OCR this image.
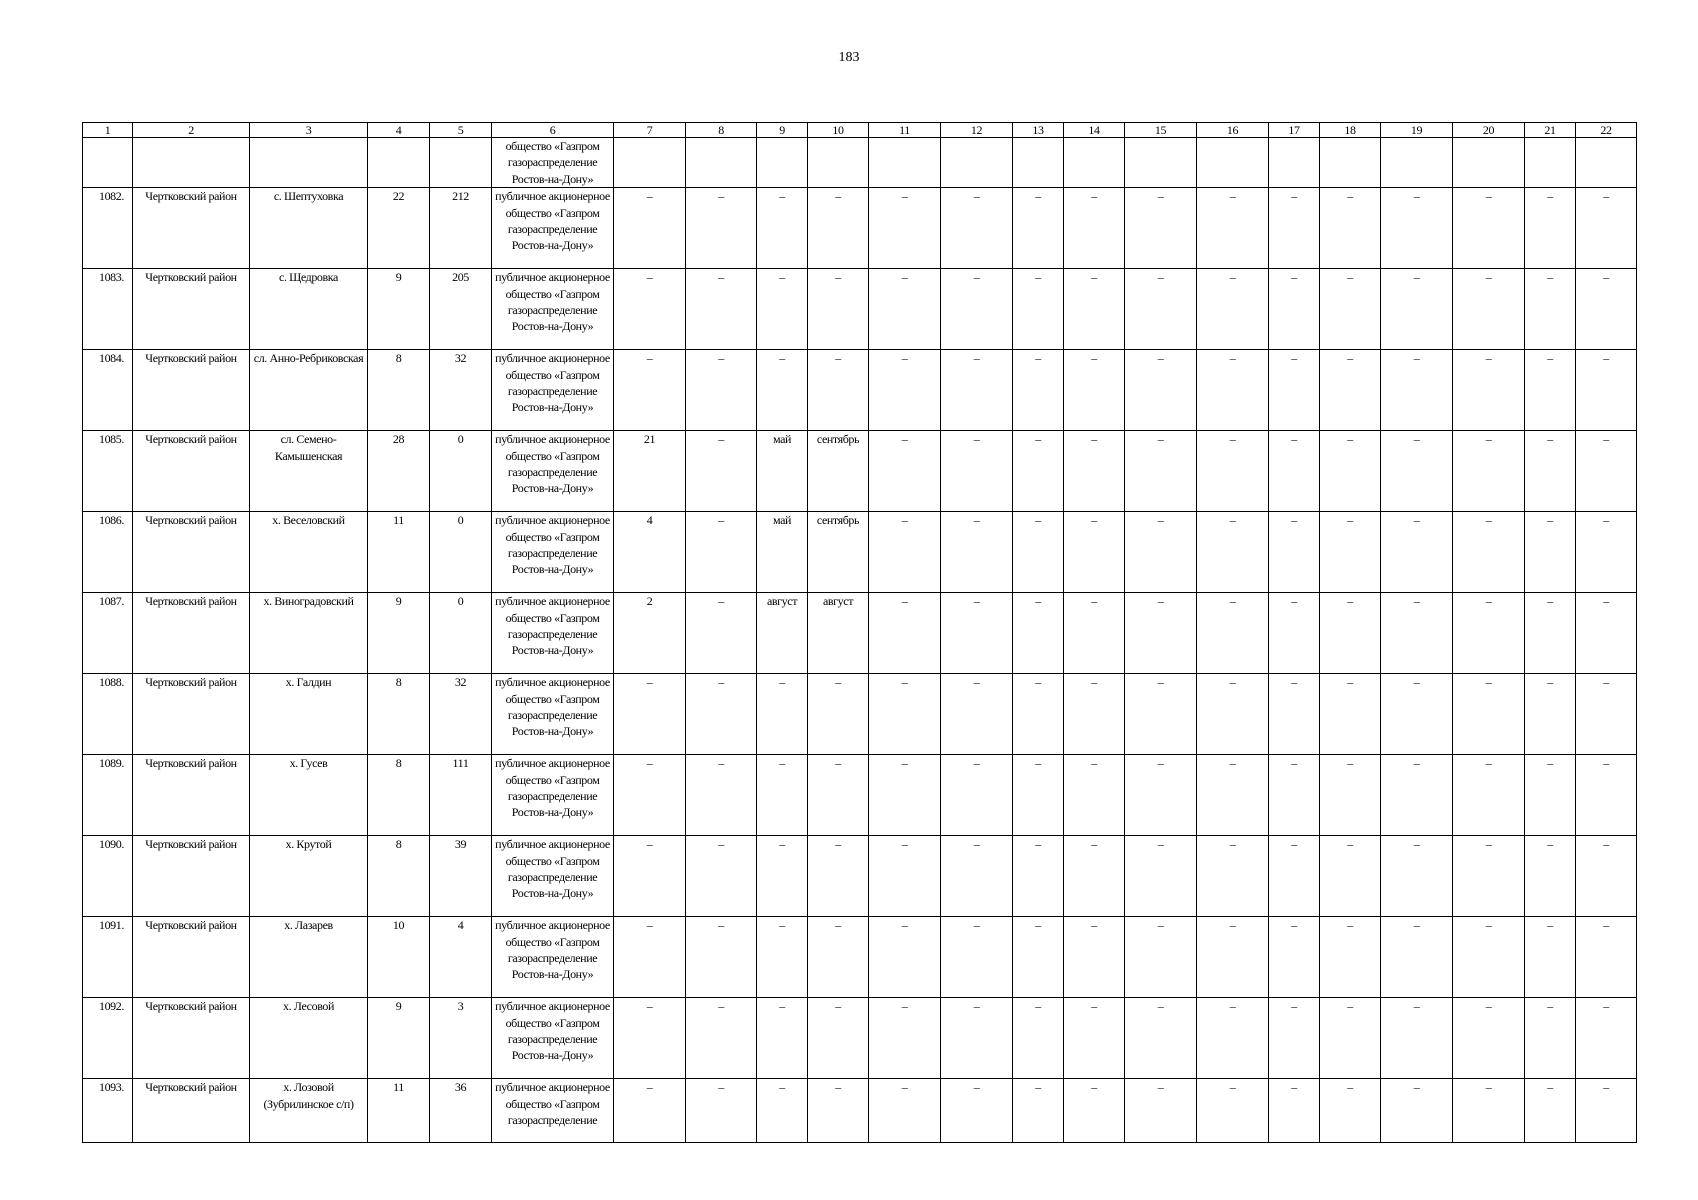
183
1	2	3	4	5	6	7	8	9	10	11	12	13	14	15	16	17	18	19	20	21	22
					общество «Газпром газораспределение Ростов-на-Дону»																
1082.	Чертковский район	с. Шептуховка	22	212	публичное акционерное общество «Газпром газораспределение Ростов-на-Дону»	–	–	–	–	–	–	–	–	–	–	–	–	–	–	–	–
1083.	Чертковский район	с. Щедровка	9	205	публичное акционерное общество «Газпром газораспределение Ростов-на-Дону»	–	–	–	–	–	–	–	–	–	–	–	–	–	–	–	–
1084.	Чертковский район	сл. Анно-Ребриковская	8	32	публичное акционерное общество «Газпром газораспределение Ростов-на-Дону»	–	–	–	–	–	–	–	–	–	–	–	–	–	–	–	–
1085.	Чертковский район	сл. Семено-Камышенская	28	0	публичное акционерное общество «Газпром газораспределение Ростов-на-Дону»	21	–	май	сентябрь	–	–	–	–	–	–	–	–	–	–	–	–
1086.	Чертковский район	х. Веселовский	11	0	публичное акционерное общество «Газпром газораспределение Ростов-на-Дону»	4	–	май	сентябрь	–	–	–	–	–	–	–	–	–	–	–	–
1087.	Чертковский район	х. Виноградовский	9	0	публичное акционерное общество «Газпром газораспределение Ростов-на-Дону»	2	–	август	август	–	–	–	–	–	–	–	–	–	–	–	–
1088.	Чертковский район	х. Галдин	8	32	публичное акционерное общество «Газпром газораспределение Ростов-на-Дону»	–	–	–	–	–	–	–	–	–	–	–	–	–	–	–	–
1089.	Чертковский район	х. Гусев	8	111	публичное акционерное общество «Газпром газораспределение Ростов-на-Дону»	–	–	–	–	–	–	–	–	–	–	–	–	–	–	–	–
1090.	Чертковский район	х. Крутой	8	39	публичное акционерное общество «Газпром газораспределение Ростов-на-Дону»	–	–	–	–	–	–	–	–	–	–	–	–	–	–	–	–
1091.	Чертковский район	х. Лазарев	10	4	публичное акционерное общество «Газпром газораспределение Ростов-на-Дону»	–	–	–	–	–	–	–	–	–	–	–	–	–	–	–	–
1092.	Чертковский район	х. Лесовой	9	3	публичное акционерное общество «Газпром газораспределение Ростов-на-Дону»	–	–	–	–	–	–	–	–	–	–	–	–	–	–	–	–
1093.	Чертковский район	х. Лозовой (Зубрилинское с/п)	11	36	публичное акционерное общество «Газпром газораспределение	–	–	–	–	–	–	–	–	–	–	–	–	–	–	–	–
